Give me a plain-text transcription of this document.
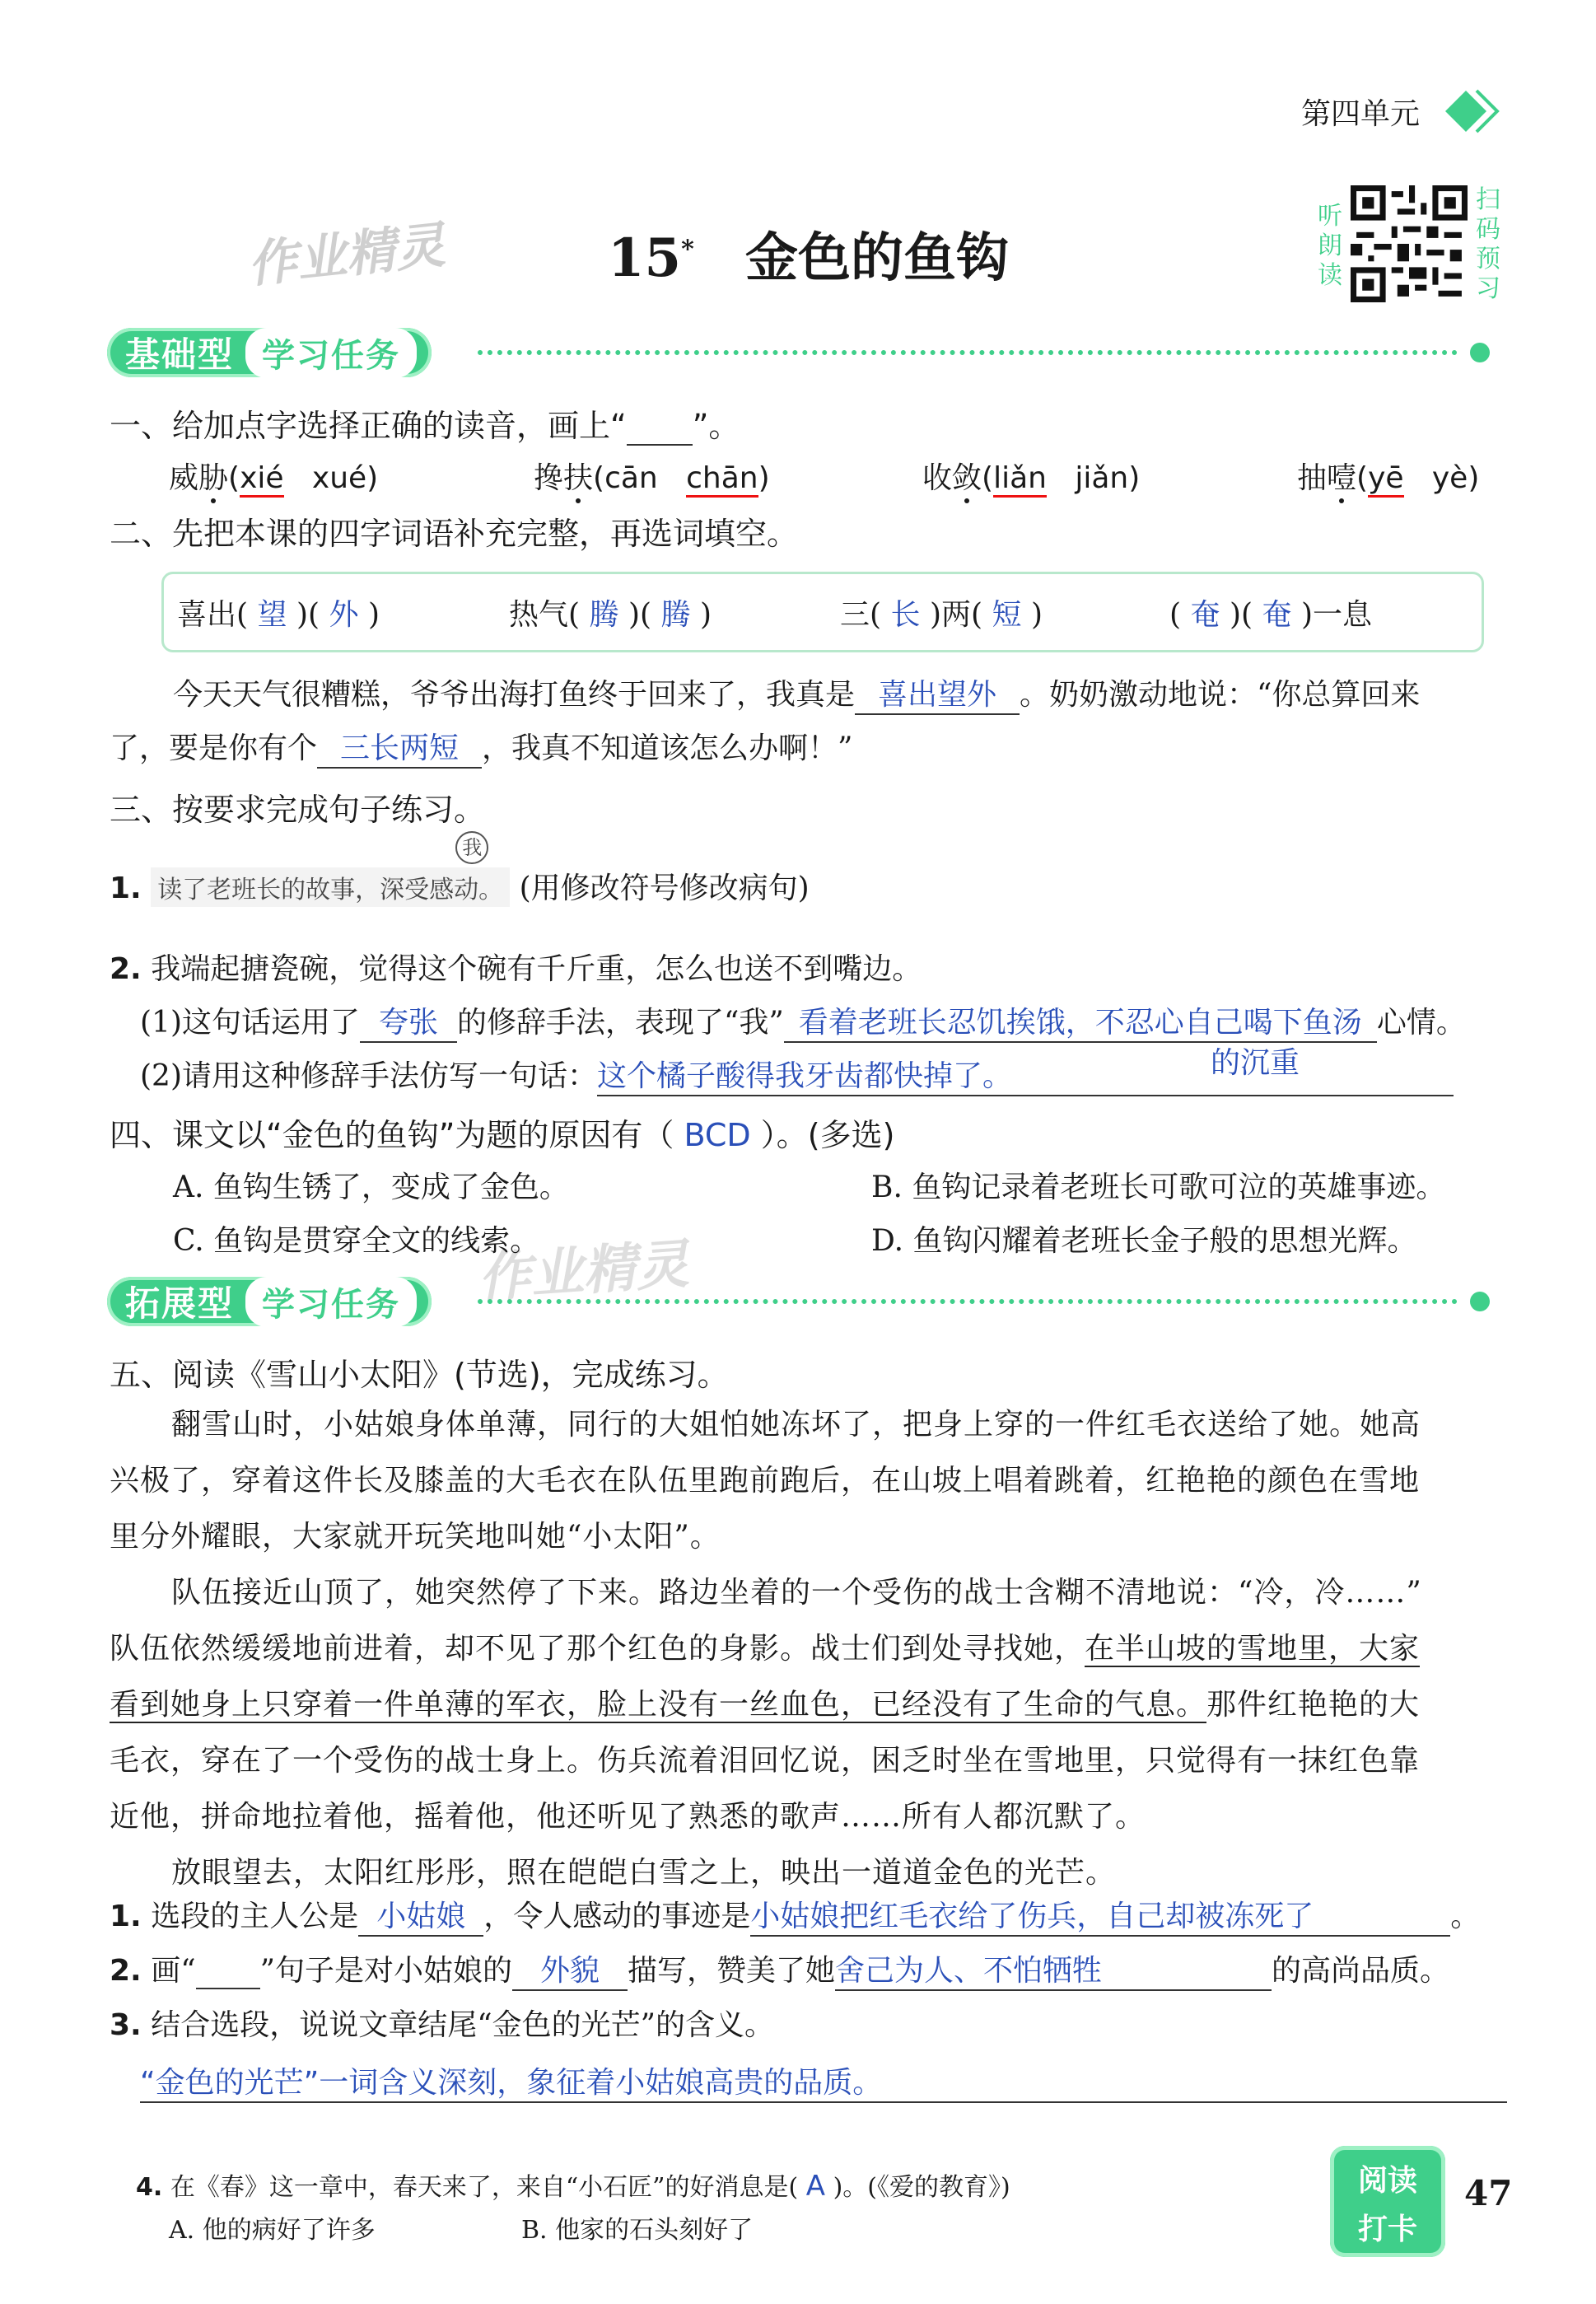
第四单元
听朗读
扫码预习
作业精灵
作业精灵
15* 金色的鱼钩
基础型 学习任务
一、给加点字选择正确的读音，画上“ ”。
威胁(xié xué)	搀扶(cān chān)	收敛(liǎn jiǎn)	抽噎(yē yè)
二、先把本课的四字词语补充完整，再选词填空。
喜出( 望 )( 外 )	热气( 腾 )( 腾 )	三( 长 )两( 短 )	( 奄 )( 奄 )一息
今天天气很糟糕，爷爷出海打鱼终于回来了，我真是 喜出望外 。奶奶激动地说：“你总算回来
了，要是你有个 三长两短 ，我真不知道该怎么办啊！”
三、按要求完成句子练习。
1. 读了老班长的故事，深受感动。
我
(用修改符号修改病句)
2. 我端起搪瓷碗，觉得这个碗有千斤重，怎么也送不到嘴边。
(1)这句话运用了 夸张 的修辞手法，表现了“我” 看着老班长忍饥挨饿，不忍心自己喝下鱼汤 心情。
的沉重
(2)请用这种修辞手法仿写一句话：这个橘子酸得我牙齿都快掉了。
四、课文以“金色的鱼钩”为题的原因有（ BCD ）。(多选)
A. 鱼钩生锈了，变成了金色。	B. 鱼钩记录着老班长可歌可泣的英雄事迹。
C. 鱼钩是贯穿全文的线索。	D. 鱼钩闪耀着老班长金子般的思想光辉。
拓展型 学习任务
五、阅读《雪山小太阳》(节选)，完成练习。

翻雪山时，小姑娘身体单薄，同行的大姐怕她冻坏了，把身上穿的一件红毛衣送给了她。她高

兴极了，穿着这件长及膝盖的大毛衣在队伍里跑前跑后，在山坡上唱着跳着，红艳艳的颜色在雪地

里分外耀眼，大家就开玩笑地叫她“小太阳”。

队伍接近山顶了，她突然停了下来。路边坐着的一个受伤的战士含糊不清地说：“冷，冷……”

队伍依然缓缓地前进着，却不见了那个红色的身影。战士们到处寻找她，在半山坡的雪地里，大家

看到她身上只穿着一件单薄的军衣，脸上没有一丝血色，已经没有了生命的气息。那件红艳艳的大

毛衣，穿在了一个受伤的战士身上。伤兵流着泪回忆说，困乏时坐在雪地里，只觉得有一抹红色靠

近他，拼命地拉着他，摇着他，他还听见了熟悉的歌声……所有人都沉默了。

放眼望去，太阳红彤彤，照在皑皑白雪之上，映出一道道金色的光芒。

1. 选段的主人公是 小姑娘 ，令人感动的事迹是小姑娘把红毛衣给了伤兵，自己却被冻死了	。
2. 画“ ”句子是对小姑娘的 外貌 描写，赞美了她舍己为人、不怕牺牲	的高尚品质。
3. 结合选段，说说文章结尾“金色的光芒”的含义。
“金色的光芒”一词含义深刻，象征着小姑娘高贵的品质。
4. 在《春》这一章中，春天来了，来自“小石匠”的好消息是( A )。(《爱的教育》)
A. 他的病好了许多	B. 他家的石头刻好了
阅读
打卡
47
